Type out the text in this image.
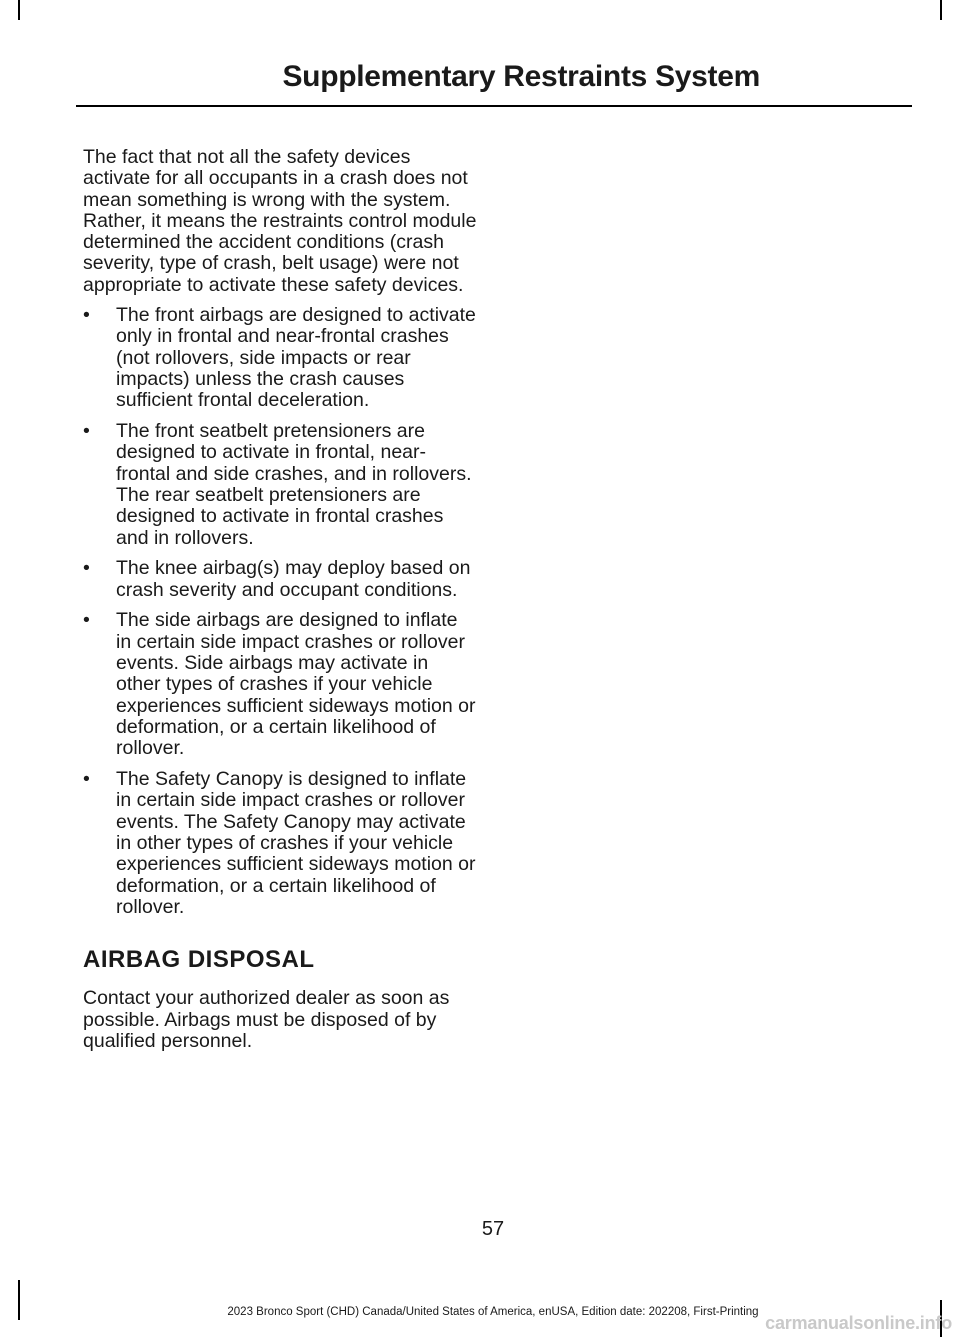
Supplementary Restraints System

The fact that not all the safety devices activate for all occupants in a crash does not mean something is wrong with the system. Rather, it means the restraints control module determined the accident conditions (crash severity, type of crash, belt usage) were not appropriate to activate these safety devices.

• The front airbags are designed to activate only in frontal and near-frontal crashes (not rollovers, side impacts or rear impacts) unless the crash causes sufficient frontal deceleration.
• The front seatbelt pretensioners are designed to activate in frontal, near-frontal and side crashes, and in rollovers. The rear seatbelt pretensioners are designed to activate in frontal crashes and in rollovers.
• The knee airbag(s) may deploy based on crash severity and occupant conditions.
• The side airbags are designed to inflate in certain side impact crashes or rollover events. Side airbags may activate in other types of crashes if your vehicle experiences sufficient sideways motion or deformation, or a certain likelihood of rollover.
• The Safety Canopy is designed to inflate in certain side impact crashes or rollover events. The Safety Canopy may activate in other types of crashes if your vehicle experiences sufficient sideways motion or deformation, or a certain likelihood of rollover.
AIRBAG DISPOSAL

Contact your authorized dealer as soon as possible. Airbags must be disposed of by qualified personnel.

57
2023 Bronco Sport (CHD) Canada/United States of America, enUSA, Edition date: 202208, First-Printing
carmanualsonline.info
